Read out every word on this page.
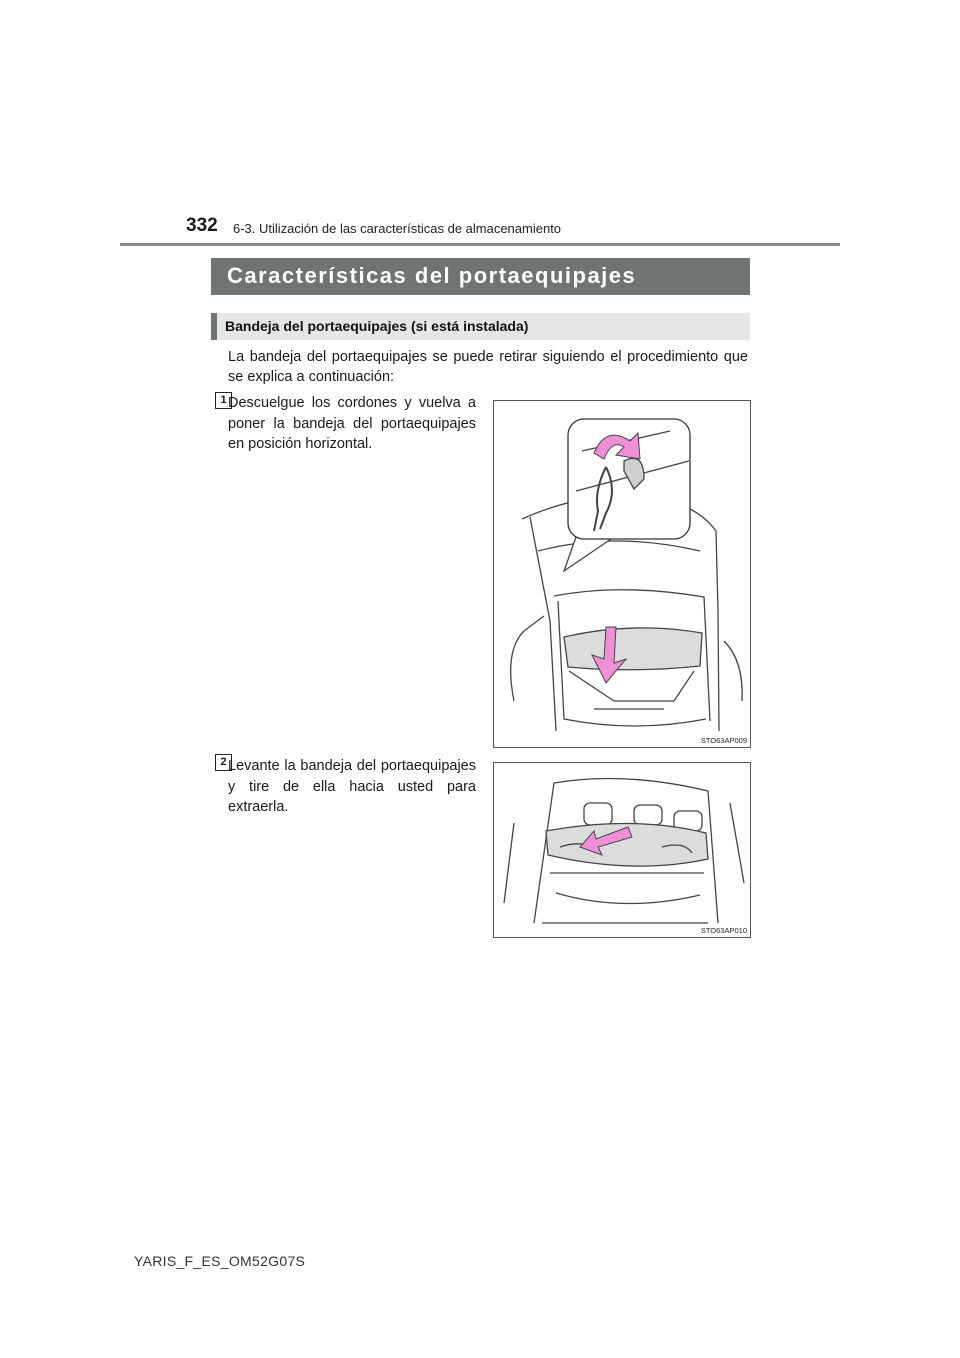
332 6-3. Utilización de las características de almacenamiento
Características del portaequipajes
Bandeja del portaequipajes (si está instalada)
La bandeja del portaequipajes se puede retirar siguiendo el procedimiento que se explica a continuación:
1 Descuelgue los cordones y vuelva a poner la bandeja del portaequipajes en posición horizontal.
STO63AP009
2 Levante la bandeja del portaequipajes y tire de ella hacia usted para extraerla.
STO63AP010
YARIS_F_ES_OM52G07S
